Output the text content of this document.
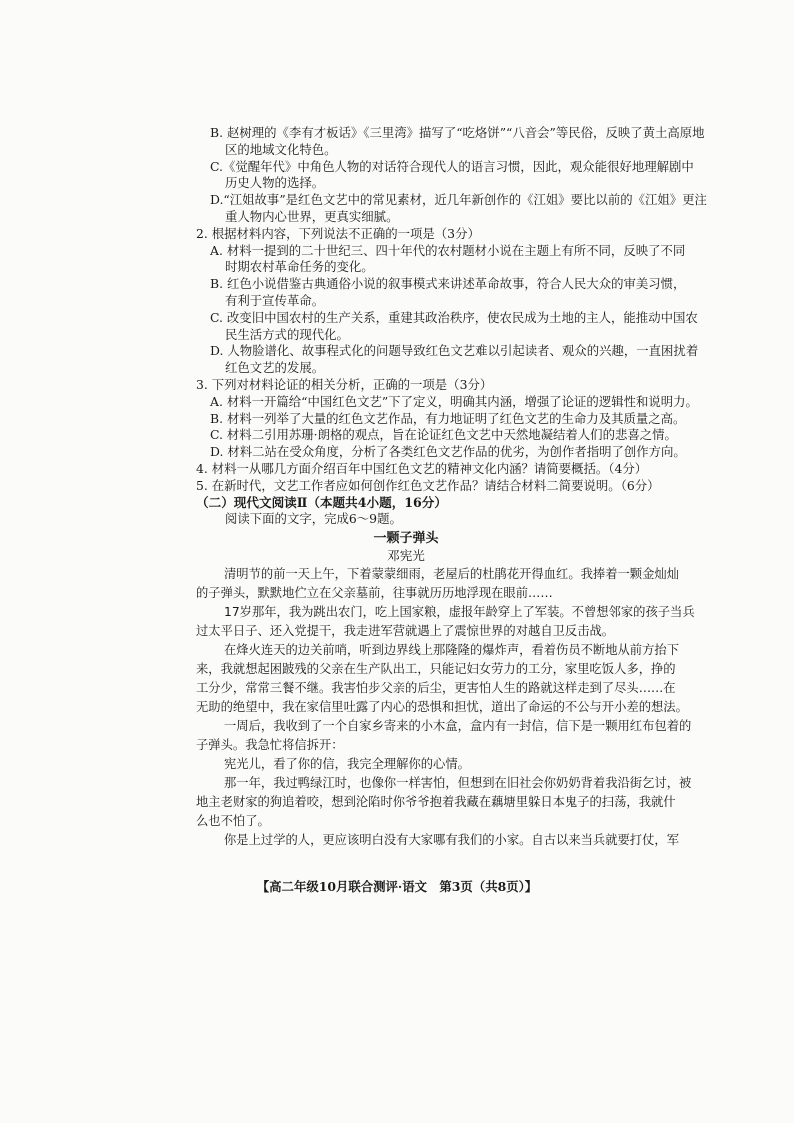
B. 赵树理的《李有才板话》《三里湾》描写了“吃烙饼”“八音会”等民俗，反映了黄土高原地
区的地域文化特色。
C.《觉醒年代》中角色人物的对话符合现代人的语言习惯，因此，观众能很好地理解剧中
历史人物的选择。
D.“江姐故事”是红色文艺中的常见素材，近几年新创作的《江姐》要比以前的《江姐》更注
重人物内心世界，更真实细腻。
2. 根据材料内容，下列说法不正确的一项是（3分）
A. 材料一提到的二十世纪三、四十年代的农村题材小说在主题上有所不同，反映了不同
时期农村革命任务的变化。
B. 红色小说借鉴古典通俗小说的叙事模式来讲述革命故事，符合人民大众的审美习惯，
有利于宣传革命。
C. 改变旧中国农村的生产关系，重建其政治秩序，使农民成为土地的主人，能推动中国农
民生活方式的现代化。
D. 人物脸谱化、故事程式化的问题导致红色文艺难以引起读者、观众的兴趣，一直困扰着
红色文艺的发展。
3. 下列对材料论证的相关分析，正确的一项是（3分）
A. 材料一开篇给“中国红色文艺”下了定义，明确其内涵，增强了论证的逻辑性和说明力。
B. 材料一列举了大量的红色文艺作品，有力地证明了红色文艺的生命力及其质量之高。
C. 材料二引用苏珊·朗格的观点，旨在论证红色文艺中天然地凝结着人们的悲喜之情。
D. 材料二站在受众角度，分析了各类红色文艺作品的优劣，为创作者指明了创作方向。
4. 材料一从哪几方面介绍百年中国红色文艺的精神文化内涵？请简要概括。（4分）
5. 在新时代，文艺工作者应如何创作红色文艺作品？请结合材料二简要说明。（6分）
（二）现代文阅读Ⅱ（本题共4小题，16分）
阅读下面的文字，完成6～9题。
一颗子弹头
邓宪光
清明节的前一天上午，下着蒙蒙细雨，老屋后的杜鹃花开得血红。我捧着一颗金灿灿
的子弹头，默默地伫立在父亲墓前，往事就历历地浮现在眼前……
17岁那年，我为跳出农门，吃上国家粮，虚报年龄穿上了军装。不曾想邻家的孩子当兵
过太平日子、还入党提干，我走进军营就遇上了震惊世界的对越自卫反击战。
在烽火连天的边关前哨，听到边界线上那隆隆的爆炸声，看着伤员不断地从前方抬下
来，我就想起困跛残的父亲在生产队出工，只能记妇女劳力的工分，家里吃饭人多，挣的
工分少，常常三餐不继。我害怕步父亲的后尘，更害怕人生的路就这样走到了尽头……在
无助的绝望中，我在家信里吐露了内心的恐惧和担忧，道出了命运的不公与开小差的想法。
一周后，我收到了一个自家乡寄来的小木盒，盒内有一封信，信下是一颗用红布包着的
子弹头。我急忙将信拆开：
宪光儿，看了你的信，我完全理解你的心情。
那一年，我过鸭绿江时，也像你一样害怕，但想到在旧社会你奶奶背着我沿街乞讨，被
地主老财家的狗追着咬，想到沦陷时你爷爷抱着我藏在藕塘里躲日本鬼子的扫荡，我就什
么也不怕了。
你是上过学的人，更应该明白没有大家哪有我们的小家。自古以来当兵就要打仗，军
【高二年级10月联合测评·语文　第3页（共8页）】
